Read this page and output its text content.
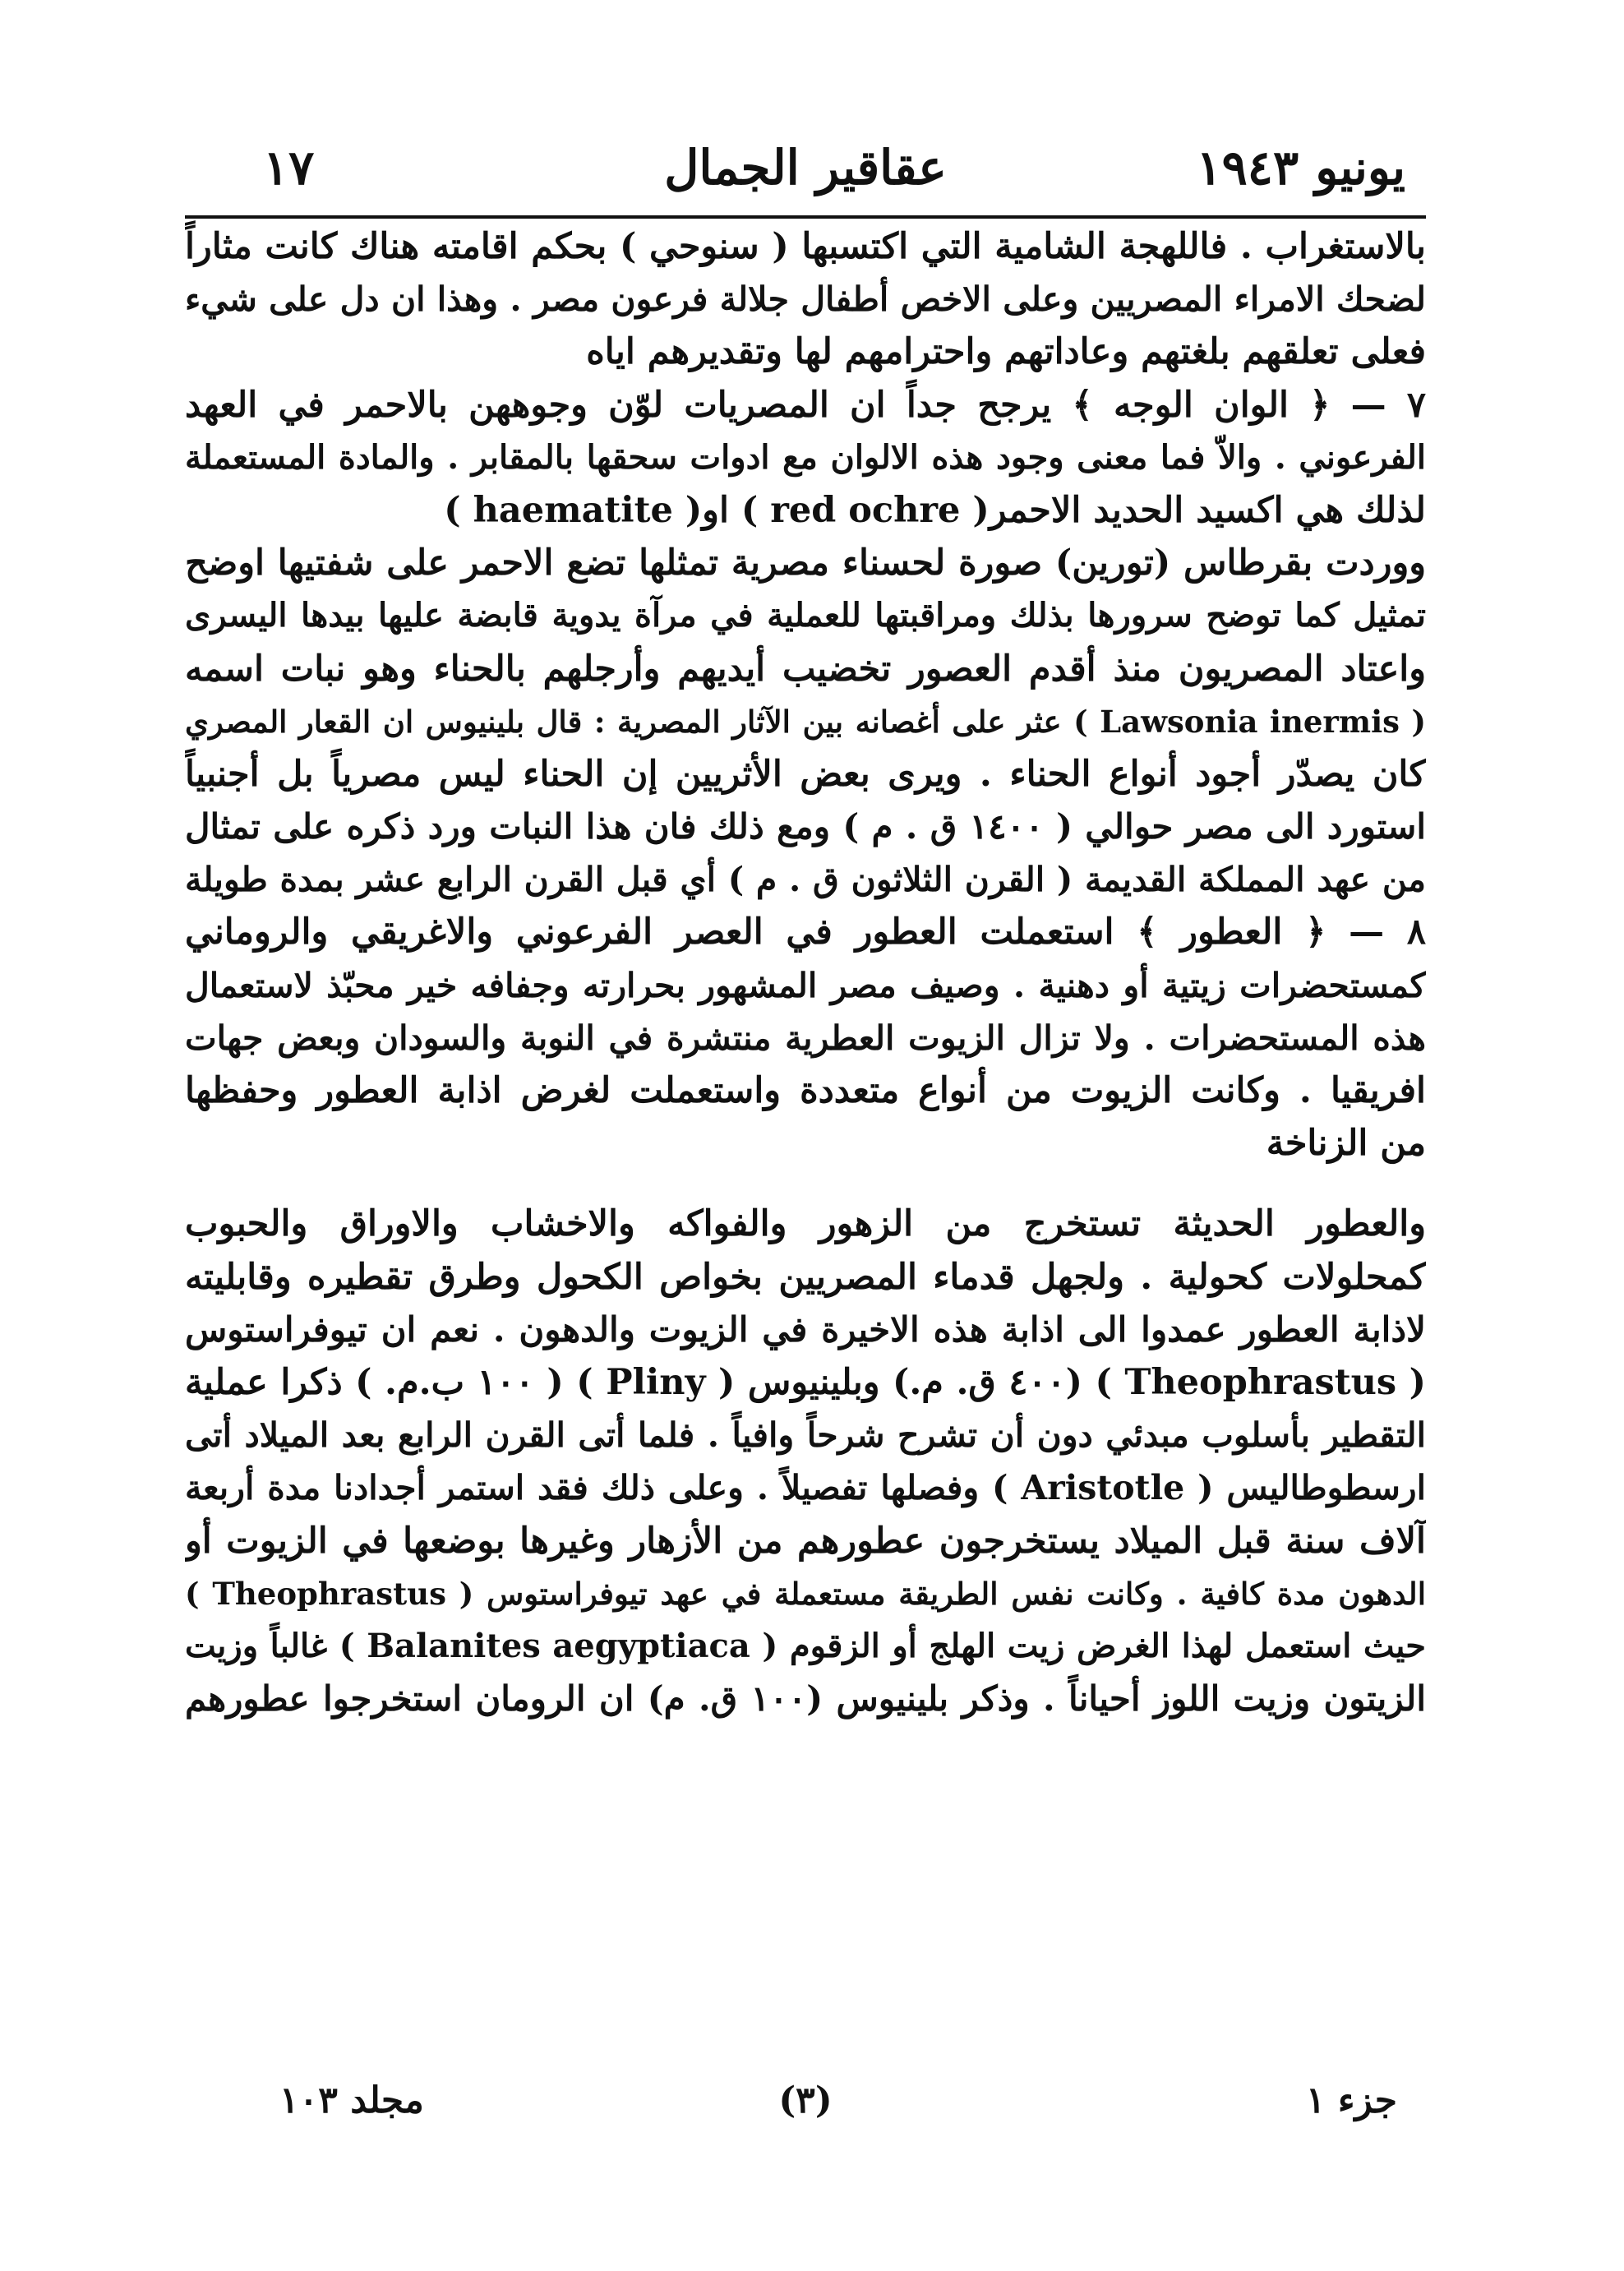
١٧	عقاقير الجمال	يونيو ١٩٤٣
بالاستغراب . فاللهجة الشامية التي اكتسبها ( سنوحي ) بحكم اقامته هناك كانت مثاراً
لضحك الامراء المصريين وعلى الاخص أطفال جلالة فرعون مصر . وهذا ان دل على شيء
فعلى تعلقهم بلغتهم وعاداتهم واحترامهم لها وتقديرهم اياه
٧ — ﴿ الوان الوجه ﴾ يرجح جداً ان المصريات لوّن وجوههن بالاحمر في العهد
الفرعوني . والاّ فما معنى وجود هذه الالوان مع ادوات سحقها بالمقابر . والمادة المستعملة
لذلك هي اكسيد الحديد الاحمر( red ochre ) او( haematite )
ووردت بقرطاس (تورين) صورة لحسناء مصرية تمثلها تضع الاحمر على شفتيها اوضح
تمثيل كما توضح سرورها بذلك ومراقبتها للعملية في مرآة يدوية قابضة عليها بيدها اليسرى
واعتاد المصريون منذ أقدم العصور تخضيب أيديهم وأرجلهم بالحناء وهو نبات اسمه
( Lawsonia inermis ) عثر على أغصانه بين الآثار المصرية : قال بلينيوس ان القعار المصري
كان يصدّر أجود أنواع الحناء . ويرى بعض الأثريين إن الحناء ليس مصرياً بل أجنبياً
استورد الى مصر حوالي ( ١٤٠٠ ق . م ) ومع ذلك فان هذا النبات ورد ذكره على تمثال
من عهد المملكة القديمة ( القرن الثلاثون ق . م ) أي قبل القرن الرابع عشر بمدة طويلة
٨ — ﴿ العطور ﴾ استعملت العطور في العصر الفرعوني والاغريقي والروماني
كمستحضرات زيتية أو دهنية . وصيف مصر المشهور بحرارته وجفافه خير محبّذ لاستعمال
هذه المستحضرات . ولا تزال الزيوت العطرية منتشرة في النوبة والسودان وبعض جهات
افريقيا . وكانت الزيوت من أنواع متعددة واستعملت لغرض اذابة العطور وحفظها
من الزناخة
والعطور الحديثة تستخرج من الزهور والفواكه والاخشاب والاوراق والحبوب
كمحلولات كحولية . ولجهل قدماء المصريين بخواص الكحول وطرق تقطيره وقابليته
لاذابة العطور عمدوا الى اذابة هذه الاخيرة في الزيوت والدهون . نعم ان تيوفراستوس
( Theophrastus ) (٤٠٠ ق. م.) وبلينيوس ( Pliny ) ( ١٠٠ ب.م. ) ذكرا عملية
التقطير بأسلوب مبدئي دون أن تشرح شرحاً وافياً . فلما أتى القرن الرابع بعد الميلاد أتى
ارسطوطاليس ( Aristotle ) وفصلها تفصيلاً . وعلى ذلك فقد استمر أجدادنا مدة أربعة
آلاف سنة قبل الميلاد يستخرجون عطورهم من الأزهار وغيرها بوضعها في الزيوت أو
الدهون مدة كافية . وكانت نفس الطريقة مستعملة في عهد تيوفراستوس ( Theophrastus )
حيث استعمل لهذا الغرض زيت الهلج أو الزقوم ( Balanites aegyptiaca ) غالباً وزيت
الزيتون وزيت اللوز أحياناً . وذكر بلينيوس (١٠٠ ق. م) ان الرومان استخرجوا عطورهم
مجلد ١٠٣	(٣)	جزء ١
